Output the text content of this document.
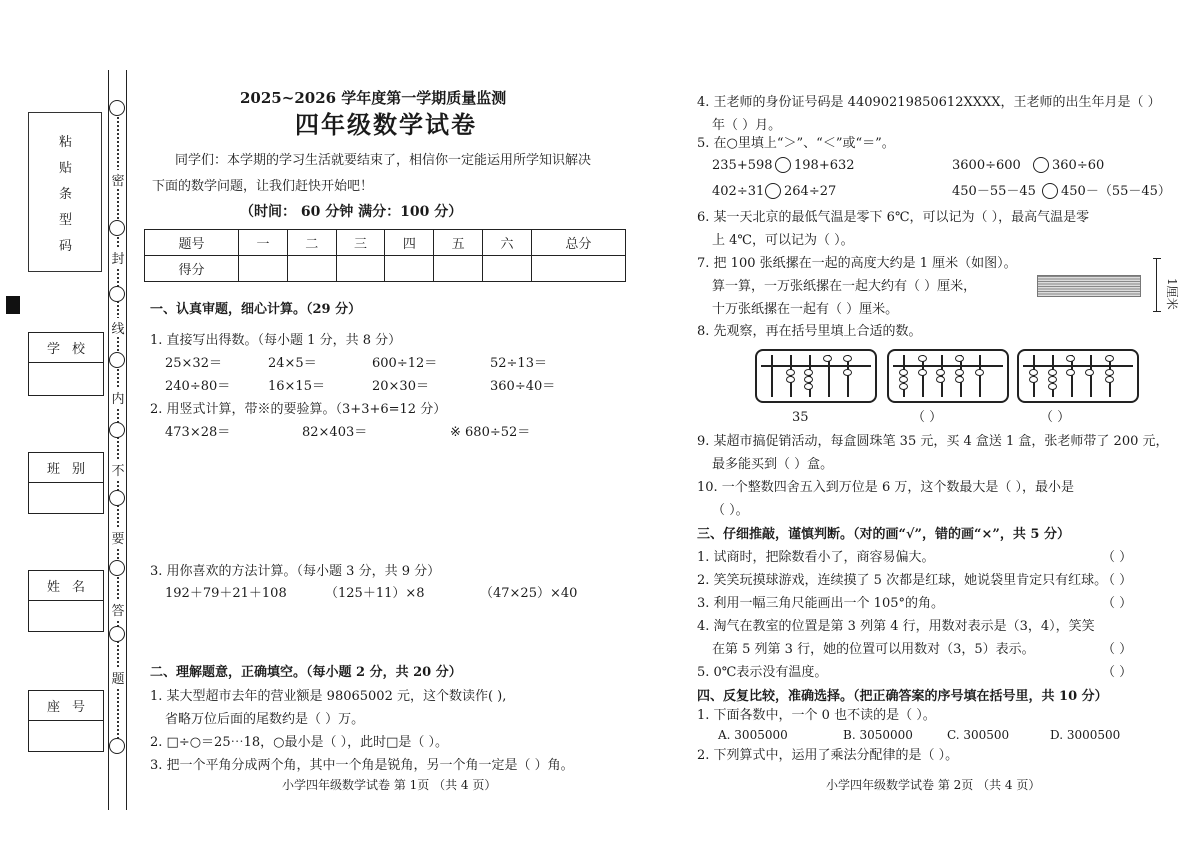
粘
贴
条
型
码
学 校
班 别
姓 名
座 号
密
封
线
内
不
要
答
题
2025~2026 学年度第一学期质量监测
四年级数学试卷
同学们：本学期的学习生活就要结束了，相信你一定能运用所学知识解决
下面的数学问题，让我们赶快开始吧！
（时间： 60 分钟 满分：100 分）
题号	一	二	三	四	五	六	总分
得分							
一、认真审题，细心计算。（29 分）
1. 直接写出得数。（每小题 1 分，共 8 分）
25×32＝	24×5＝	600÷12＝	52÷13＝
240÷80＝	16×15＝	20×30＝	360÷40＝
2. 用竖式计算，带※的要验算。（3+3+6=12 分）
473×28＝	82×403＝	※ 680÷52＝
3. 用你喜欢的方法计算。（每小题 3 分，共 9 分）
192＋79＋21＋108	（125＋11）×8	（47×25）×40
二、理解题意，正确填空。（每小题 2 分，共 20 分）
1. 某大型超市去年的营业额是 98065002 元，这个数读作( ),
省略万位后面的尾数约是（ ）万。
2. □÷○＝25⋯18，○最小是（ ），此时□是（ ）。
3. 把一个平角分成两个角，其中一个角是锐角，另一个角一定是（ ）角。
小学四年级数学试卷 第 1页 （共 4 页）
4. 王老师的身份证号码是 44090219850612XXXX，王老师的出生年月是（ ）
年（ ）月。
5. 在○里填上“＞”、“＜”或“＝”。
235+598 198+632	3600÷600 360÷60
402÷31 264÷27	450－55－45 450－（55－45）
6. 某一天北京的最低气温是零下 6℃，可以记为（ ），最高气温是零
上 4℃，可以记为（ ）。
7. 把 100 张纸摞在一起的高度大约是 1 厘米（如图）。
算一算，一万张纸摞在一起大约有（ ）厘米，
十万张纸摞在一起有（ ）厘米。	1厘米
8. 先观察，再在括号里填上合适的数。
35	（ ）	（ ）
9. 某超市搞促销活动，每盒圆珠笔 35 元，买 4 盒送 1 盒，张老师带了 200 元，
最多能买到（ ）盒。
10. 一个整数四舍五入到万位是 6 万，这个数最大是（ ），最小是
（ ）。
三、仔细推敲，谨慎判断。（对的画“√”，错的画“×”，共 5 分）
1. 试商时，把除数看小了，商容易偏大。	（ ）
2. 笑笑玩摸球游戏，连续摸了 5 次都是红球，她说袋里肯定只有红球。
（ ）
3. 利用一幅三角尺能画出一个 105°的角。	（ ）
4. 淘气在教室的位置是第 3 列第 4 行，用数对表示是（3，4），笑笑
在第 5 列第 3 行，她的位置可以用数对（3，5）表示。	（ ）
5. 0℃表示没有温度。	（ ）
四、反复比较，准确选择。（把正确答案的序号填在括号里，共 10 分）
1. 下面各数中，一个 0 也不读的是（ ）。
A. 3005000	B. 3050000	C. 300500	D. 3000500
2. 下列算式中，运用了乘法分配律的是（ ）。
小学四年级数学试卷 第 2页 （共 4 页）
